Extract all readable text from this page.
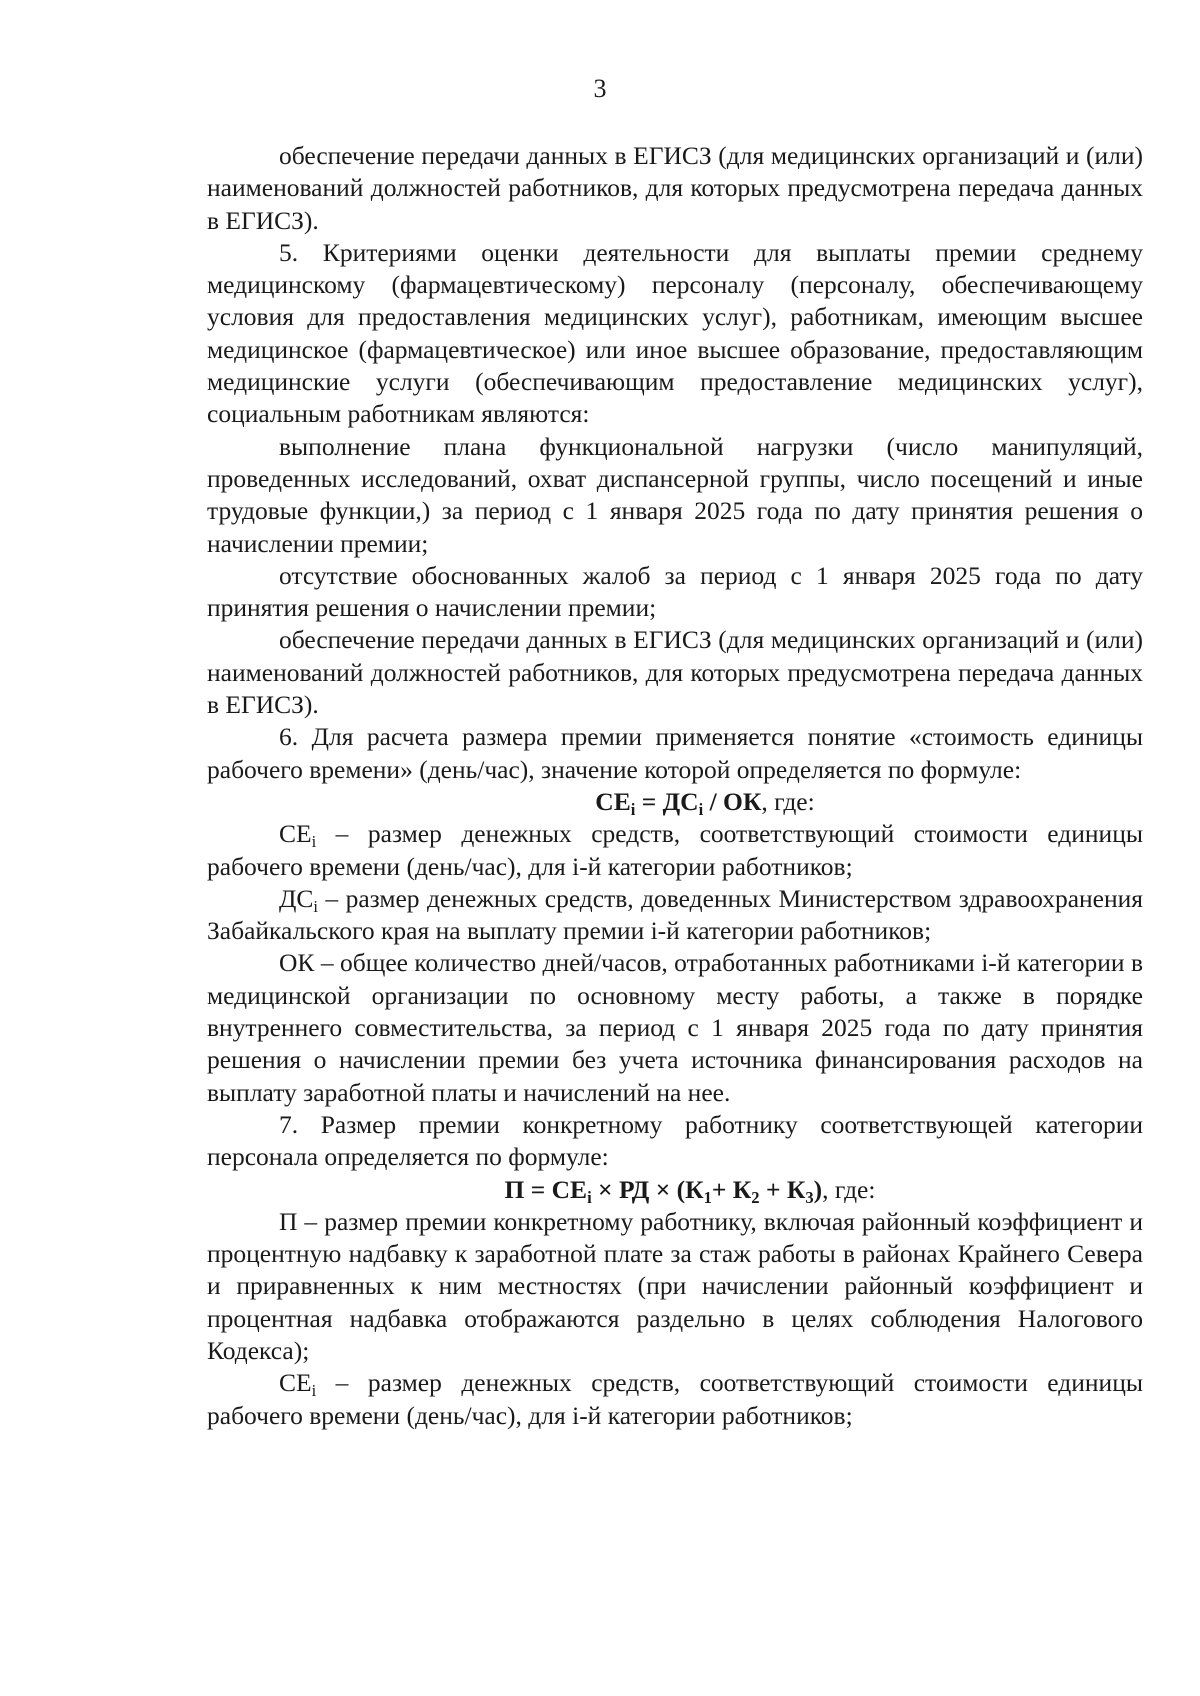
3

обеспечение передачи данных в ЕГИСЗ (для медицинских организаций и (или) наименований должностей работников, для которых предусмотрена передача данных в ЕГИСЗ).

5. Критериями оценки деятельности для выплаты премии среднему медицинскому (фармацевтическому) персоналу (персоналу, обеспечивающему условия для предоставления медицинских услуг), работникам, имеющим высшее медицинское (фармацевтическое) или иное высшее образование, предоставляющим медицинские услуги (обеспечивающим предоставление медицинских услуг), социальным работникам являются:

выполнение плана функциональной нагрузки (число манипуляций, проведенных исследований, охват диспансерной группы, число посещений и иные трудовые функции,) за период с 1 января 2025 года по дату принятия решения о начислении премии;

отсутствие обоснованных жалоб за период с 1 января 2025 года по дату принятия решения о начислении премии;

обеспечение передачи данных в ЕГИСЗ (для медицинских организаций и (или) наименований должностей работников, для которых предусмотрена передача данных в ЕГИСЗ).

6. Для расчета размера премии применяется понятие «стоимость единицы рабочего времени» (день/час), значение которой определяется по формуле:

$СЕ_i = ДС_i$ / ОК, где:

$СЕ_i$ – размер денежных средств, соответствующий стоимости единицы рабочего времени (день/час), для i-й категории работников;

$ДС_i$ – размер денежных средств, доведенных Министерством здравоохранения Забайкальского края на выплату премии i-й категории работников;

ОК – общее количество дней/часов, отработанных работниками i-й категории в медицинской организации по основному месту работы, а также в порядке внутреннего совместительства, за период с 1 января 2025 года по дату принятия решения о начислении премии без учета источника финансирования расходов на выплату заработной платы и начислений на нее.

7. Размер премии конкретному работнику соответствующей категории персонала определяется по формуле:

$П = СЕ_i$ × РД × $(К_1+ К_2 + К_3)$, где:

П – размер премии конкретному работнику, включая районный коэффициент и процентную надбавку к заработной плате за стаж работы в районах Крайнего Севера и приравненных к ним местностях (при начислении районный коэффициент и процентная надбавка отображаются раздельно в целях соблюдения Налогового Кодекса);

$СЕ_i$ – размер денежных средств, соответствующий стоимости единицы рабочего времени (день/час), для i-й категории работников;
